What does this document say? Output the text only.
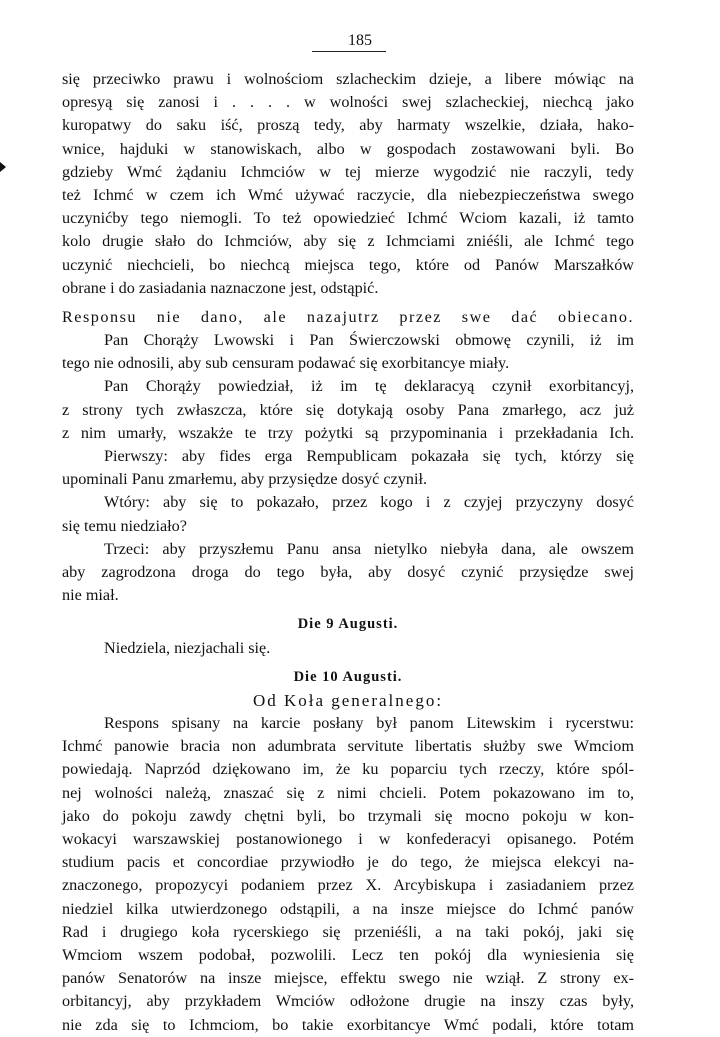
185
się przeciwko prawu i wolnościom szlacheckim dzieje, a libere mówiąc na
opresyą się zanosi i . . . . w wolności swej szlacheckiej, niechcą jako
kuropatwy do saku iść, proszą tedy, aby harmaty wszelkie, działa, hako-
wnice, hajduki w stanowiskach, albo w gospodach zostawowani byli. Bo
gdzieby Wmć żądaniu Ichmciów w tej mierze wygodzić nie raczyli, tedy
też Ichmć w czem ich Wmć używać raczycie, dla niebezpieczeństwa swego
uczynićby tego niemogli. To też opowiedzieć Ichmć Wciom kazali, iż tamto
kolo drugie słało do Ichmciów, aby się z Ichmciami zniéśli, ale Ichmć tego
uczynić niechcieli, bo niechcą miejsca tego, które od Panów Marszałków
obrane i do zasiadania naznaczone jest, odstąpić.
Responsu nie dano, ale nazajutrz przez swe dać obiecano.
Pan Chorąży Lwowski i Pan Świerczowski obmowę czynili, iż im
tego nie odnosili, aby sub censuram podawać się exorbitancye miały.
Pan Chorąży powiedział, iż im tę deklaracyą czynił exorbitancyj,
z strony tych zwłaszcza, które się dotykają osoby Pana zmarłego, acz już
z nim umarły, wszakże te trzy pożytki są przypominania i przekładania Ich.
Pierwszy: aby fides erga Rempublicam pokazała się tych, którzy się
upominali Panu zmarłemu, aby przysiędze dosyć czynił.
Wtóry: aby się to pokazało, przez kogo i z czyjej przyczyny dosyć
się temu niedziało?
Trzeci: aby przyszłemu Panu ansa nietylko niebyła dana, ale owszem
aby zagrodzona droga do tego była, aby dosyć czynić przysiędze swej
nie miał.
Die 9 Augusti.
Niedziela, niezjachali się.
Die 10 Augusti.
Od Koła generalnego:
Respons spisany na karcie posłany był panom Litewskim i rycerstwu:
Ichmć panowie bracia non adumbrata servitute libertatis służby swe Wmciom
powiedają. Naprzód dziękowano im, że ku poparciu tych rzeczy, które spól-
nej wolności należą, znaszać się z nimi chcieli. Potem pokazowano im to,
jako do pokoju zawdy chętni byli, bo trzymali się mocno pokoju w kon-
wokacyi warszawskiej postanowionego i w konfederacyi opisanego. Potém
studium pacis et concordiae przywiodło je do tego, że miejsca elekcyi na-
znaczonego, propozycyi podaniem przez X. Arcybiskupa i zasiadaniem przez
niedziel kilka utwierdzonego odstąpili, a na insze miejsce do Ichmć panów
Rad i drugiego koła rycerskiego się przeniéśli, a na taki pokój, jaki się
Wmciom wszem podobał, pozwolili. Lecz ten pokój dla wyniesienia się
panów Senatorów na insze miejsce, effektu swego nie wziął. Z strony ex-
orbitancyj, aby przykładem Wmciów odłożone drugie na inszy czas były,
nie zda się to Ichmciom, bo takie exorbitancye Wmć podali, które totam
